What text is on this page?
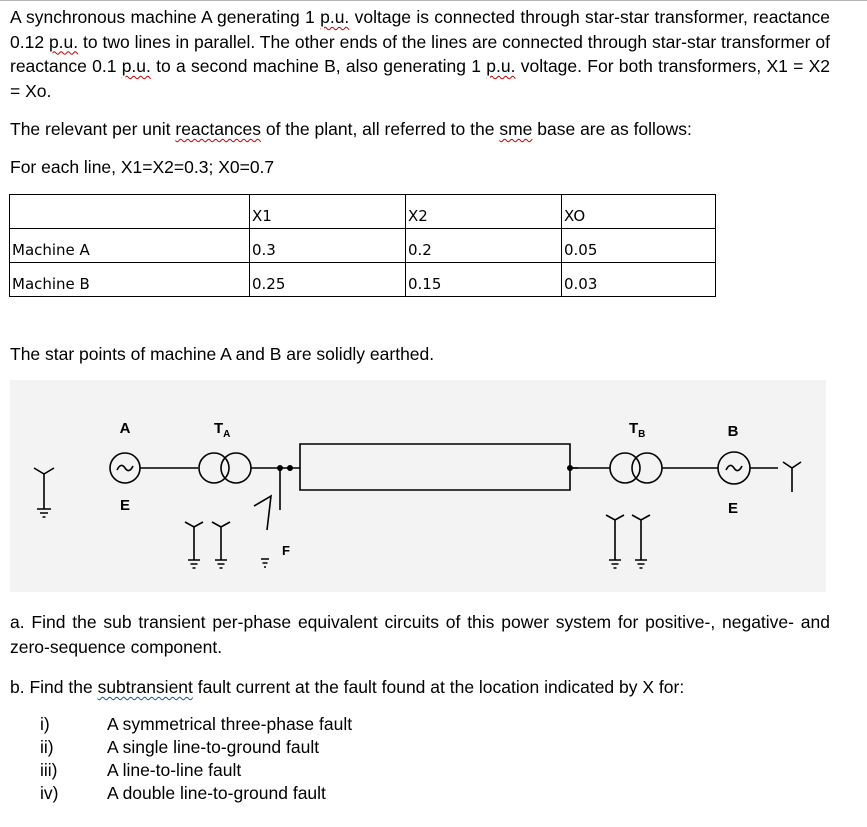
A synchronous machine A generating 1 p.u. voltage is connected through star-star transformer, reactance 0.12 p.u. to two lines in parallel. The other ends of the lines are connected through star-star transformer of reactance 0.1 p.u. to a second machine B, also generating 1 p.u. voltage. For both transformers, X1 = X2 = Xo.

The relevant per unit reactances of the plant, all referred to the sme base are as follows:

For each line, X1=X2=0.3; X0=0.7

	X1	X2	XO
Machine A	0.3	0.2	0.05
Machine B	0.25	0.15	0.03

The star points of machine A and B are solidly earthed.

A
E
$T_A$	$T_B$	B
E
F

a. Find the sub transient per-phase equivalent circuits of this power system for positive-, negative- and zero-sequence component.

b. Find the subtransient fault current at the fault found at the location indicated by X for:

i)	A symmetrical three-phase fault
ii)	A single line-to-ground fault
iii)	A line-to-line fault
iv)	A double line-to-ground fault
